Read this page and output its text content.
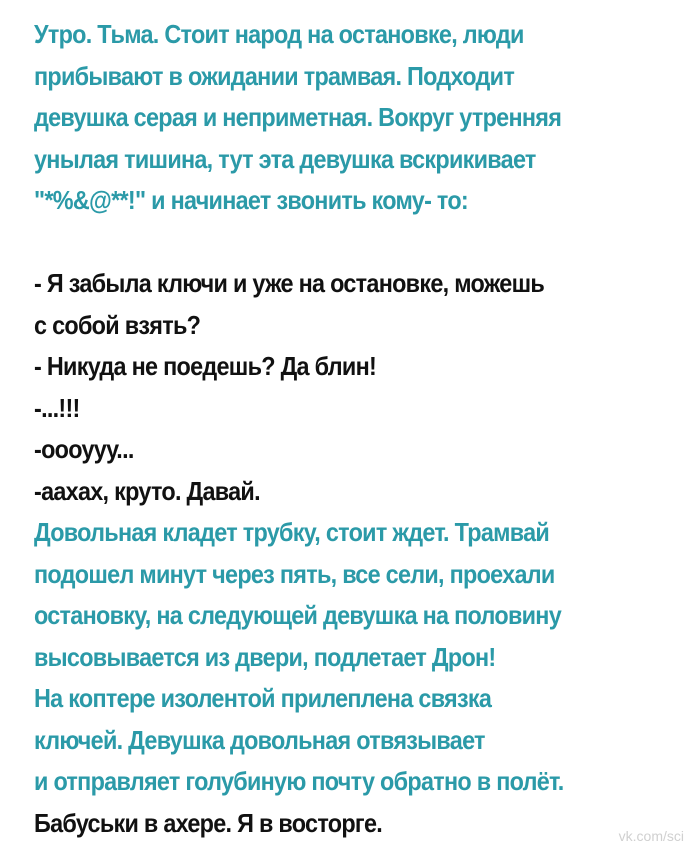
Утро. Тьма. Стоит народ на остановке, люди
прибывают в ожидании трамвая. Подходит
девушка серая и неприметная. Вокруг утренняя
унылая тишина, тут эта девушка вскрикивает
"*%&@**!" и начинает звонить кому- то:
- Я забыла ключи и уже на остановке, можешь
с собой взять?
- Никуда не поедешь? Да блин!
-...!!!
-оооууу...
-аахах, круто. Давай.
Довольная кладет трубку, стоит ждет. Трамвай
подошел минут через пять, все сели, проехали
остановку, на следующей девушка на половину
высовывается из двери, подлетает Дрон!
На коптере изолентой прилеплена связка
ключей. Девушка довольная отвязывает
и отправляет голубиную почту обратно в полёт.
Бабуськи в ахере. Я в восторге.	vk.com/sci
